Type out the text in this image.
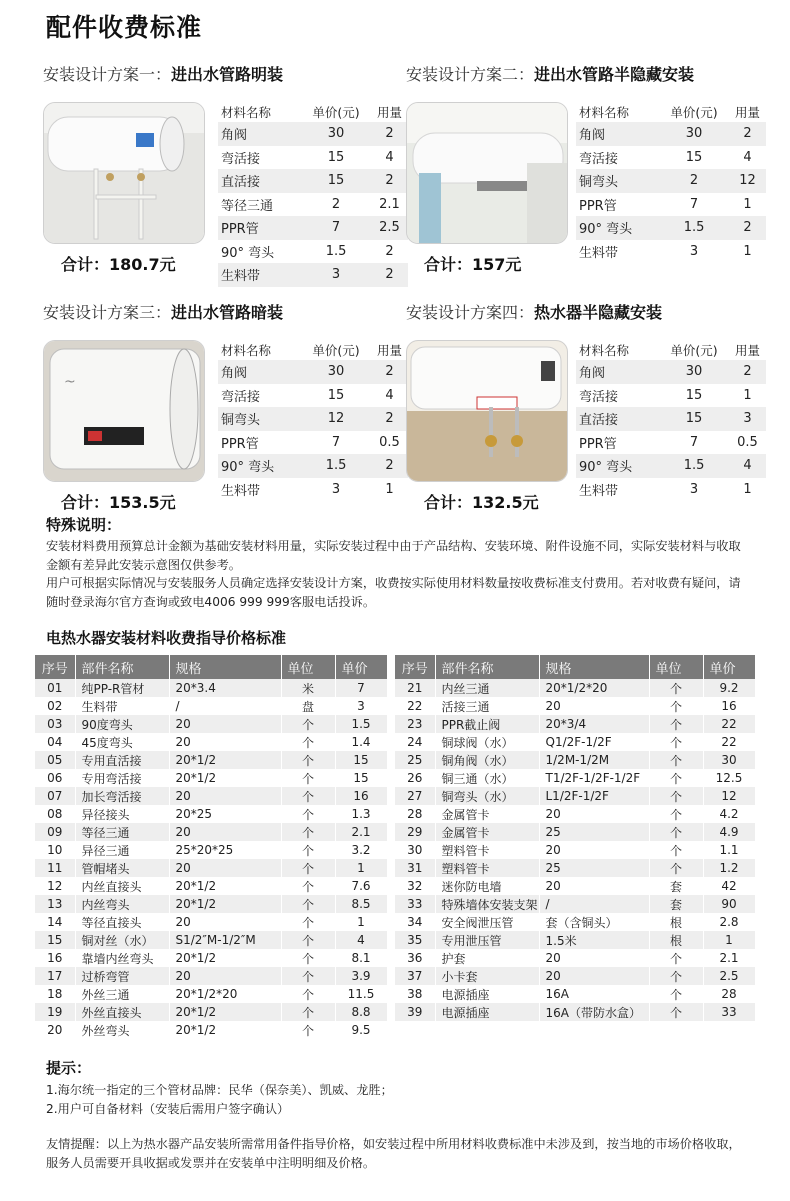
配件收费标准
安装设计方案一：进出水管路明装
合计：180.7元
材料名称	单价(元)	用量
角阀	30	2
弯活接	15	4
直活接	15	2
等径三通	2	2.1
PPR管	7	2.5
90° 弯头	1.5	2
生料带	3	2
安装设计方案二：进出水管路半隐藏安装
合计：157元
材料名称	单价(元)	用量
角阀	30	2
弯活接	15	4
铜弯头	2	12
PPR管	7	1
90° 弯头	1.5	2
生料带	3	1
安装设计方案三：进出水管路暗装
~
合计：153.5元
材料名称	单价(元)	用量
角阀	30	2
弯活接	15	4
铜弯头	12	2
PPR管	7	0.5
90° 弯头	1.5	2
生料带	3	1
安装设计方案四：热水器半隐藏安装
合计：132.5元
材料名称	单价(元)	用量
角阀	30	2
弯活接	15	1
直活接	15	3
PPR管	7	0.5
90° 弯头	1.5	4
生料带	3	1
特殊说明：
安装材料费用预算总计金额为基础安装材料用量，实际安装过程中由于产品结构、安装环境、附件设施不同，实际安装材料与收取金额有差异此安装示意图仅供参考。
用户可根据实际情况与安装服务人员确定选择安装设计方案，收费按实际使用材料数量按收费标准支付费用。若对收费有疑问，请随时登录海尔官方查询或致电4006 999 999客服电话投诉。
电热水器安装材料收费指导价格标准
序号	部件名称	规格	单位	单价
01	纯PP-R管材	20*3.4	米	7
02	生料带	/	盘	3
03	90度弯头	20	个	1.5
04	45度弯头	20	个	1.4
05	专用直活接	20*1/2	个	15
06	专用弯活接	20*1/2	个	15
07	加长弯活接	20	个	16
08	异径接头	20*25	个	1.3
09	等径三通	20	个	2.1
10	异径三通	25*20*25	个	3.2
11	管帽堵头	20	个	1
12	内丝直接头	20*1/2	个	7.6
13	内丝弯头	20*1/2	个	8.5
14	等径直接头	20	个	1
15	铜对丝（水）	S1/2″M-1/2″M	个	4
16	靠墙内丝弯头	20*1/2	个	8.1
17	过桥弯管	20	个	3.9
18	外丝三通	20*1/2*20	个	11.5
19	外丝直接头	20*1/2	个	8.8
20	外丝弯头	20*1/2	个	9.5
序号	部件名称	规格	单位	单价
21	内丝三通	20*1/2*20	个	9.2
22	活接三通	20	个	16
23	PPR截止阀	20*3/4	个	22
24	铜球阀（水）	Q1/2F-1/2F	个	22
25	铜角阀（水）	1/2M-1/2M	个	30
26	铜三通（水）	T1/2F-1/2F-1/2F	个	12.5
27	铜弯头（水）	L1/2F-1/2F	个	12
28	金属管卡	20	个	4.2
29	金属管卡	25	个	4.9
30	塑料管卡	20	个	1.1
31	塑料管卡	25	个	1.2
32	迷你防电墙	20	套	42
33	特殊墙体安装支架	/	套	90
34	安全阀泄压管	套（含铜头）	根	2.8
35	专用泄压管	1.5米	根	1
36	护套	20	个	2.1
37	小卡套	20	个	2.5
38	电源插座	16A	个	28
39	电源插座	16A（带防水盒）	个	33

提示：
1.海尔统一指定的三个管材品牌：民华（保奈美）、凯威、龙胜；
2.用户可自备材料（安装后需用户签字确认）
友情提醒：以上为热水器产品安装所需常用备件指导价格，如安装过程中所用材料收费标准中未涉及到，按当地的市场价格收取，服务人员需要开具收据或发票并在安装单中注明明细及价格。
